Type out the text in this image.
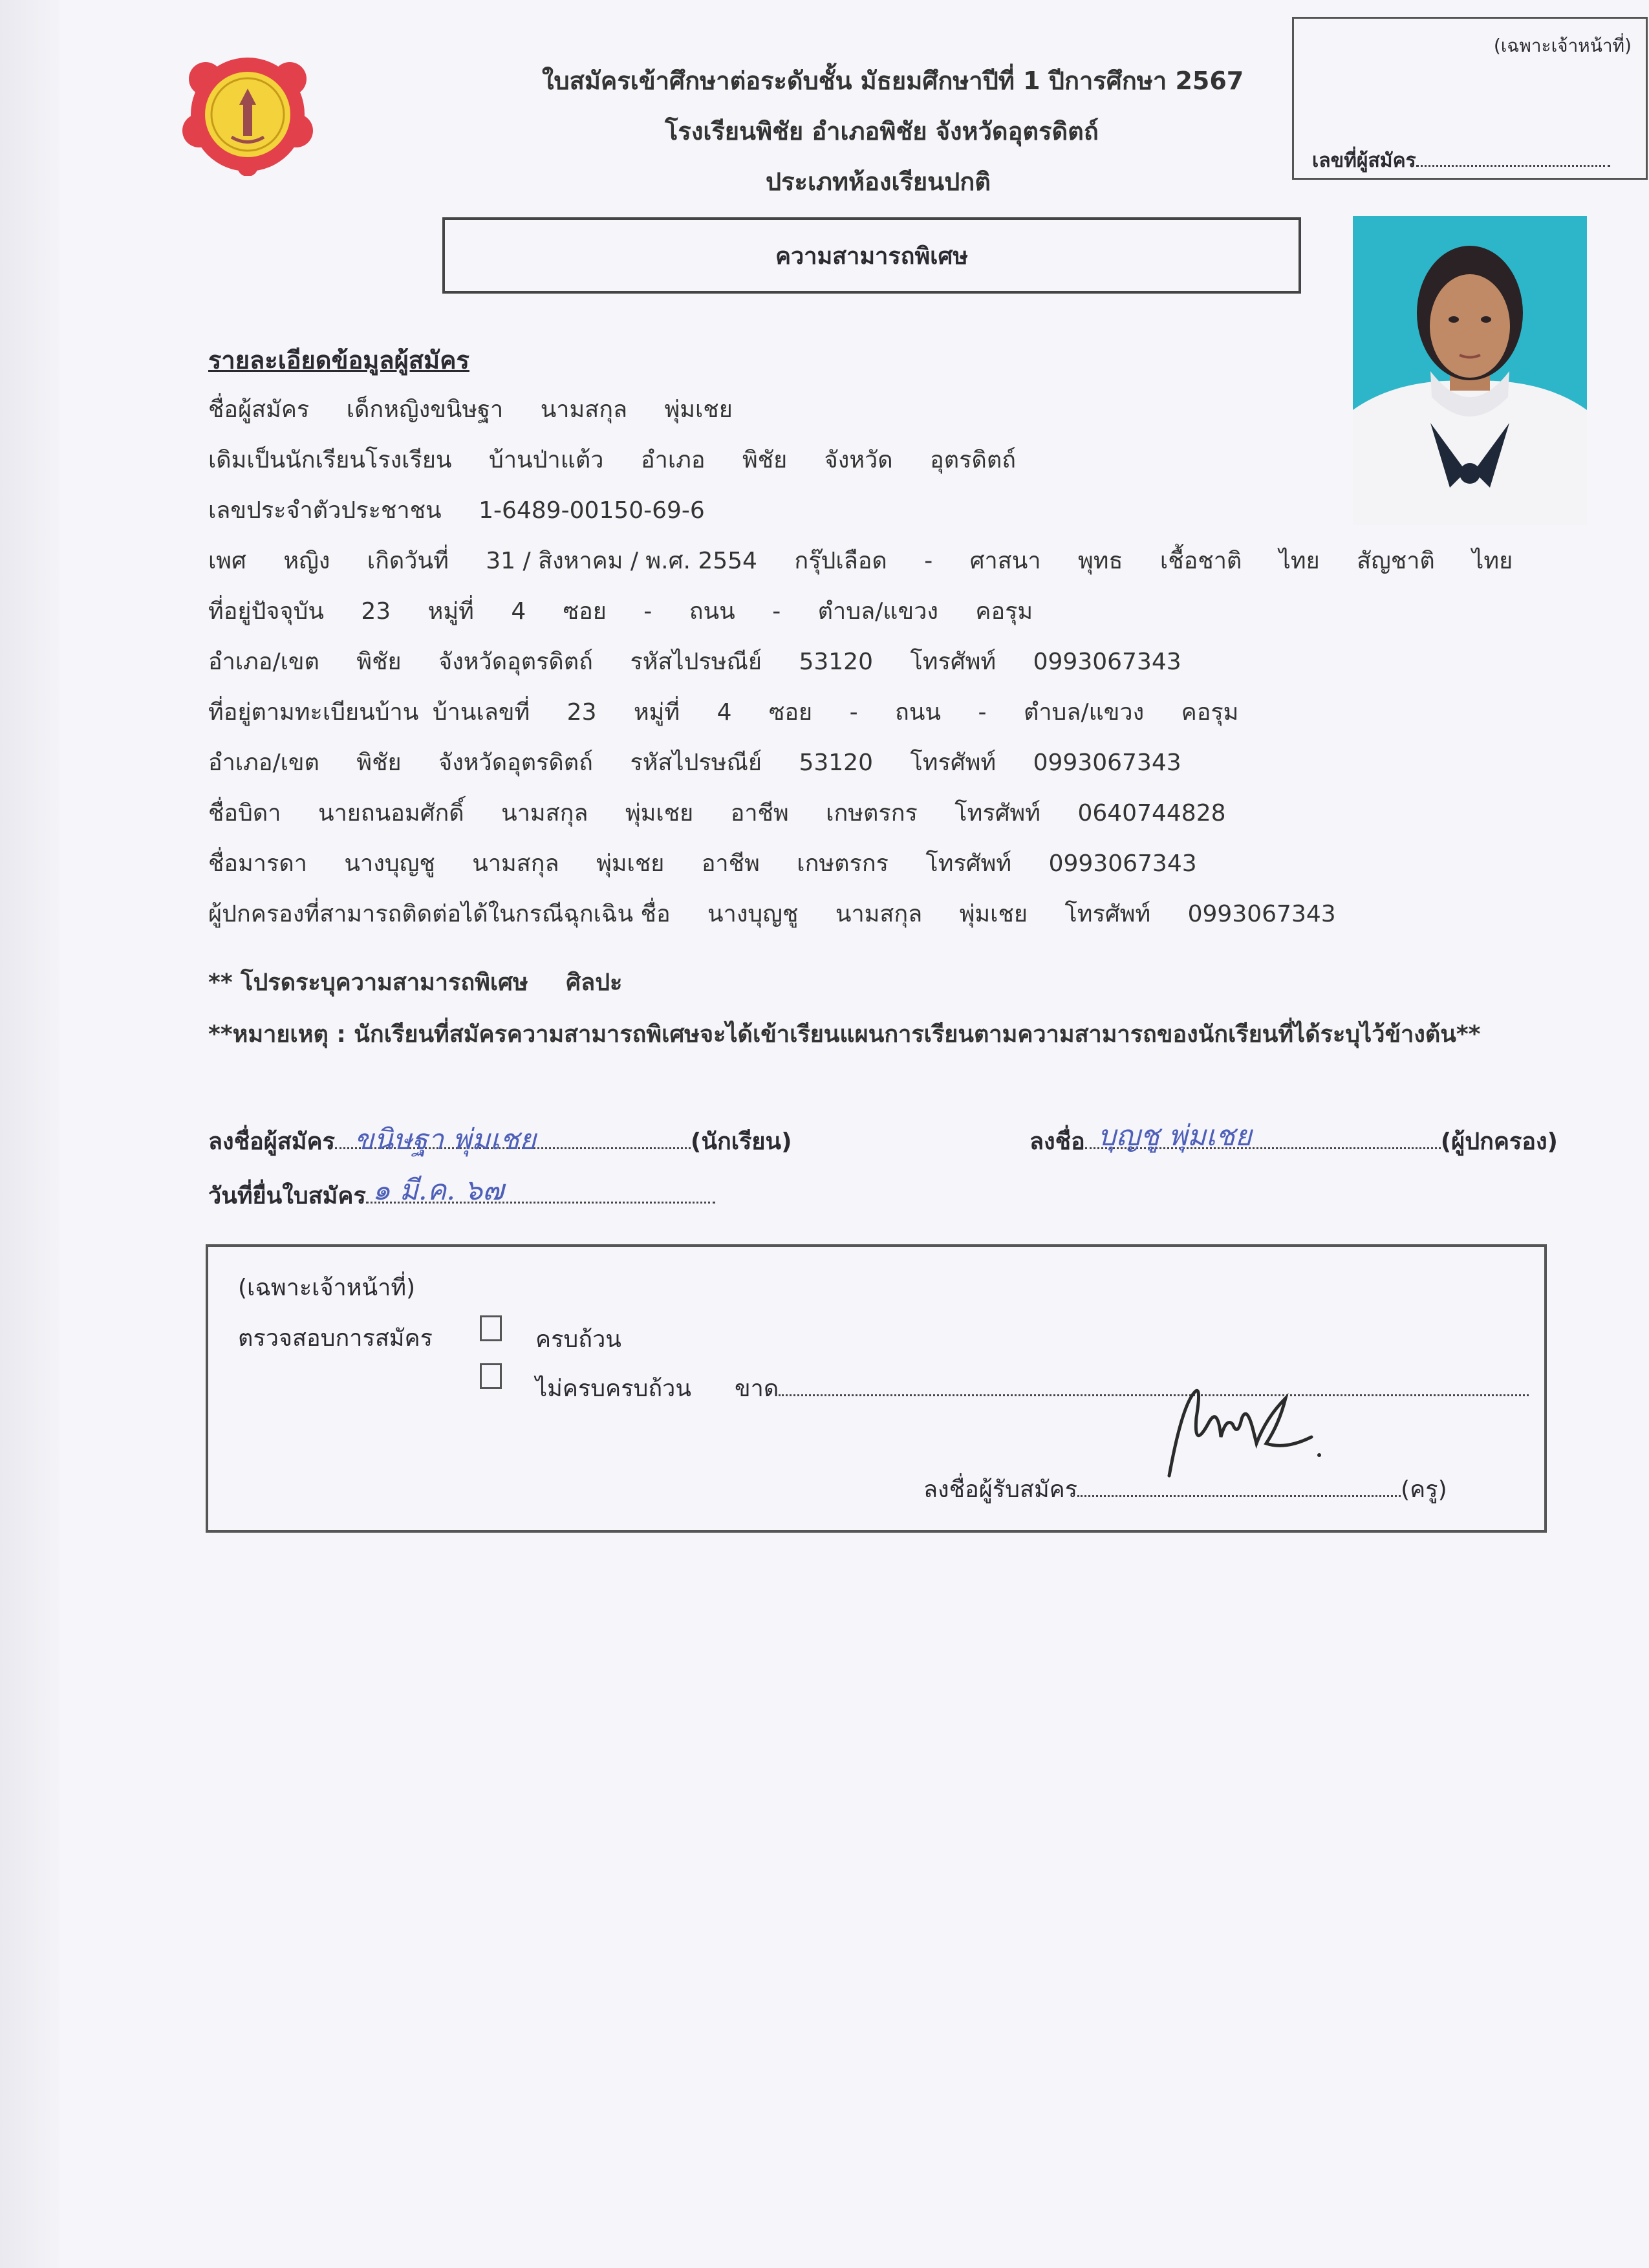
ใบสมัครเข้าศึกษาต่อระดับชั้น มัธยมศึกษาปีที่ 1 ปีการศึกษา 2567
โรงเรียนพิชัย อำเภอพิชัย จังหวัดอุตรดิตถ์
ประเภทห้องเรียนปกติ
(เฉพาะเจ้าหน้าที่)
เลขที่ผู้สมัคร
ความสามารถพิเศษ
รายละเอียดข้อมูลผู้สมัคร
ชื่อผู้สมัคร เด็กหญิงขนิษฐา นามสกุล พุ่มเชย
เดิมเป็นนักเรียนโรงเรียน บ้านป่าแต้ว อำเภอ พิชัย จังหวัด อุตรดิตถ์
เลขประจำตัวประชาชน 1-6489-00150-69-6
เพศ หญิง เกิดวันที่ 31 / สิงหาคม / พ.ศ. 2554 กรุ๊ปเลือด - ศาสนา พุทธ เชื้อชาติ ไทย สัญชาติ ไทย
ที่อยู่ปัจจุบัน 23 หมู่ที่ 4 ซอย - ถนน - ตำบล/แขวง คอรุม
อำเภอ/เขต พิชัย จังหวัดอุตรดิตถ์ รหัสไปรษณีย์ 53120 โทรศัพท์ 0993067343
ที่อยู่ตามทะเบียนบ้าน บ้านเลขที่ 23 หมู่ที่ 4 ซอย - ถนน - ตำบล/แขวง คอรุม
อำเภอ/เขต พิชัย จังหวัดอุตรดิตถ์ รหัสไปรษณีย์ 53120 โทรศัพท์ 0993067343
ชื่อบิดา นายถนอมศักดิ์ นามสกุล พุ่มเชย อาชีพ เกษตรกร โทรศัพท์ 0640744828
ชื่อมารดา นางบุญชู นามสกุล พุ่มเชย อาชีพ เกษตรกร โทรศัพท์ 0993067343
ผู้ปกครองที่สามารถติดต่อได้ในกรณีฉุกเฉิน ชื่อ นางบุญชู นามสกุล พุ่มเชย โทรศัพท์ 0993067343
** โปรดระบุความสามารถพิเศษ ศิลปะ
**หมายเหตุ : นักเรียนที่สมัครความสามารถพิเศษจะได้เข้าเรียนแผนการเรียนตามความสามารถของนักเรียนที่ได้ระบุไว้ข้างต้น**
ลงชื่อผู้สมัคร ขนิษฐา พุ่มเชย	(นักเรียน)	ลงชื่อ บุญชู พุ่มเชย	(ผู้ปกครอง)
วันที่ยื่นใบสมัคร ๑ มี.ค. ๖๗
(เฉพาะเจ้าหน้าที่)
ตรวจสอบการสมัคร	ครบถ้วน
ไม่ครบครบถ้วน ขาด
ลงชื่อผู้รับสมัคร	(ครู)
